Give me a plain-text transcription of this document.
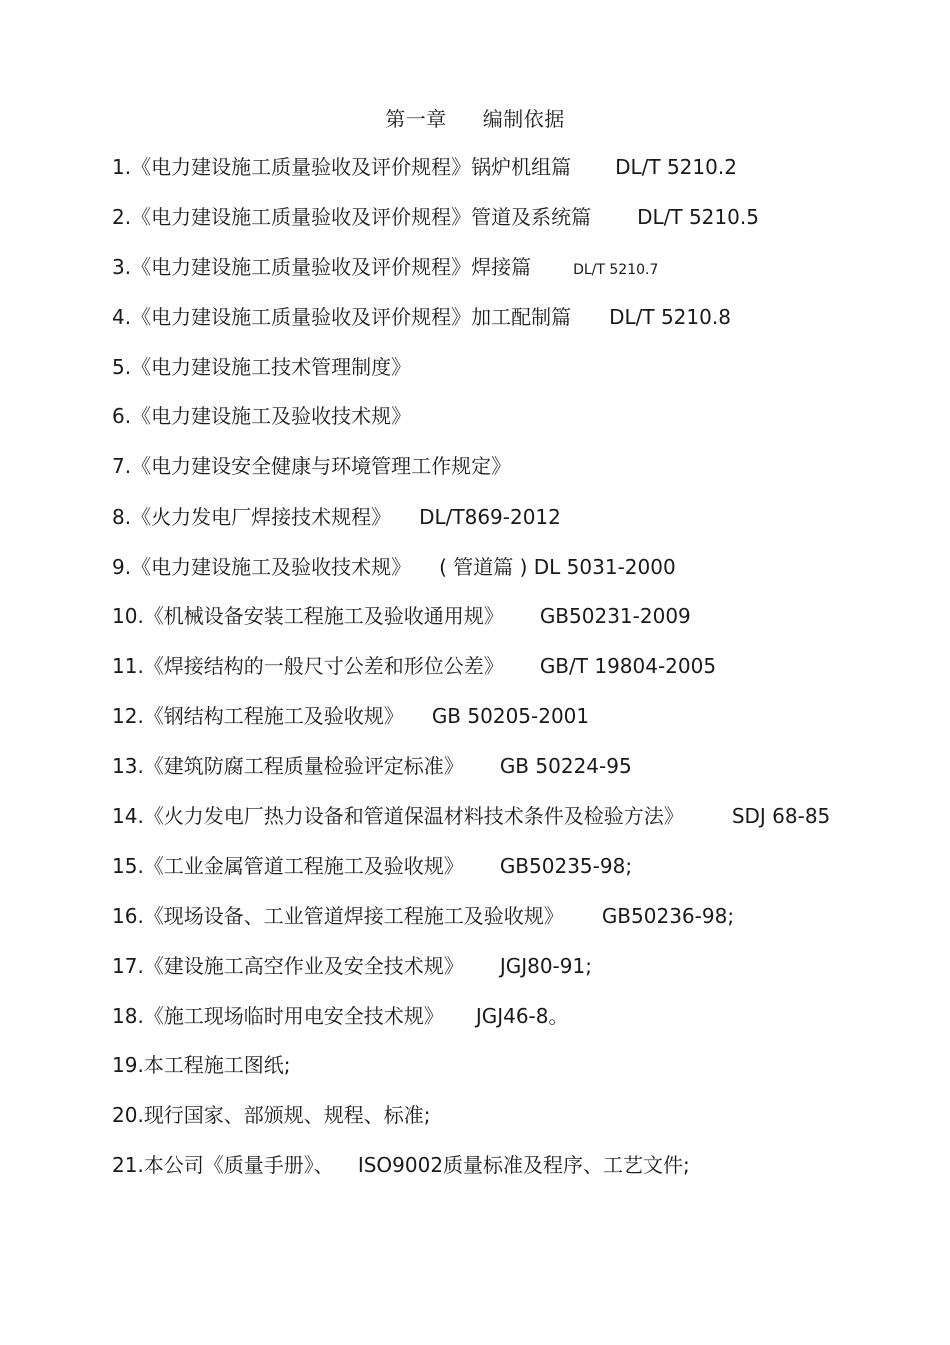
第一章 编制依据
1.《电力建设施工质量验收及评价规程》锅炉机组篇 DL/T 5210.2
2.《电力建设施工质量验收及评价规程》管道及系统篇 DL/T 5210.5
3.《电力建设施工质量验收及评价规程》焊接篇	DL/T 5210.7
4.《电力建设施工质量验收及评价规程》加工配制篇 DL/T 5210.8
5.《电力建设施工技术管理制度》
6.《电力建设施工及验收技术规》
7.《电力建设安全健康与环境管理工作规定》
8.《火力发电厂焊接技术规程》 DL/T869-2012
9.《电力建设施工及验收技术规》 ( 管道篇 ) DL 5031-2000
10.《机械设备安装工程施工及验收通用规》 GB50231-2009
11.《焊接结构的一般尺寸公差和形位公差》 GB/T 19804-2005
12.《钢结构工程施工及验收规》 GB 50205-2001
13.《建筑防腐工程质量检验评定标准》 GB 50224-95
14.《火力发电厂热力设备和管道保温材料技术条件及检验方法》 SDJ 68-85
15.《工业金属管道工程施工及验收规》 GB50235-98;
16.《现场设备、工业管道焊接工程施工及验收规》 GB50236-98;
17.《建设施工高空作业及安全技术规》 JGJ80-91;
18.《施工现场临时用电安全技术规》 JGJ46-8。
19.本工程施工图纸;
20.现行国家、部颁规、规程、标准;
21.本公司《质量手册》、 ISO9002质量标准及程序、工艺文件;
